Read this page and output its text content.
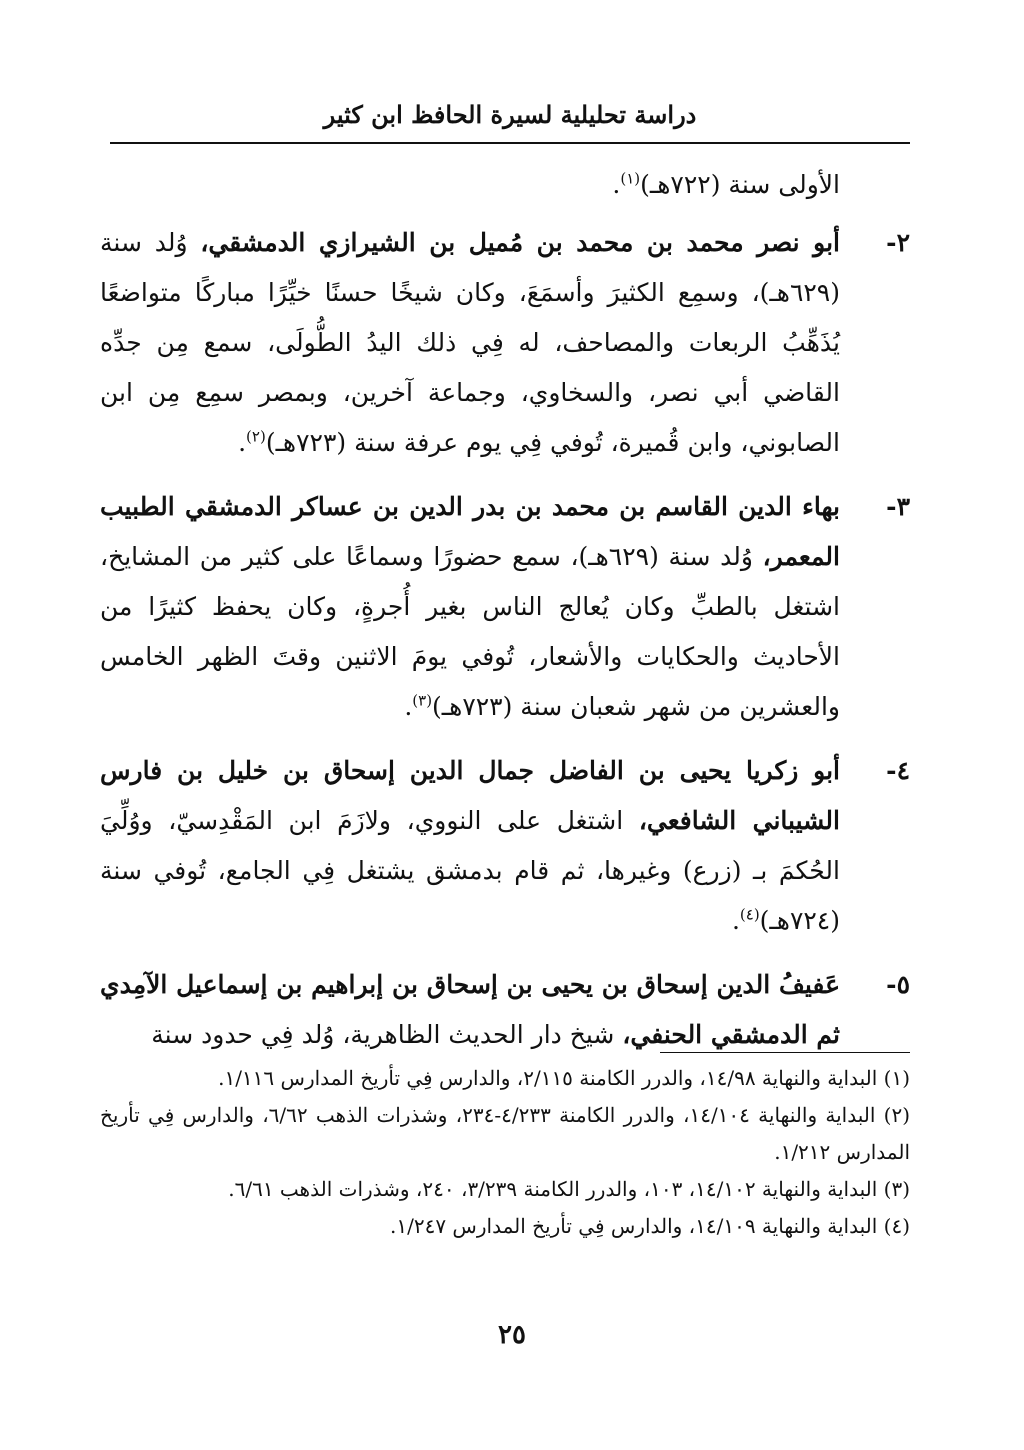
دراسة تحليلية لسيرة الحافظ ابن كثير

الأولى سنة (٧٢٢هـ)$^{(١)}$.

٢-
أبو نصر محمد بن محمد بن مُميل بن الشيرازي الدمشقي، وُلد سنة (٦٢٩هـ)، وسمِع الكثيرَ وأسمَعَ، وكان شيخًا حسنًا خيِّرًا مباركًا متواضعًا يُذَهِّبُ الربعات والمصاحف، له فِي ذلك اليدُ الطُّولَى، سمع مِن جدِّه القاضي أبي نصر، والسخاوي، وجماعة آخرين، وبمصر سمِع مِن ابن الصابوني، وابن قُميرة، تُوفي فِي يوم عرفة سنة (٧٢٣هـ)$^{(٢)}$.

٣-
بهاء الدين القاسم بن محمد بن بدر الدين بن عساكر الدمشقي الطبيب المعمر، وُلد سنة (٦٢٩هـ)، سمع حضورًا وسماعًا على كثير من المشايخ، اشتغل بالطبِّ وكان يُعالج الناس بغير أُجرةٍ، وكان يحفظ كثيرًا من الأحاديث والحكايات والأشعار، تُوفي يومَ الاثنين وقتَ الظهر الخامس والعشرين من شهر شعبان سنة (٧٢٣هـ)$^{(٣)}$.

٤-
أبو زكريا يحيى بن الفاضل جمال الدين إسحاق بن خليل بن فارس الشيباني الشافعي، اشتغل على النووي، ولازَمَ ابن المَقْدِسيّ، ووُلِّيَ الحُكمَ بـ (زرع) وغيرها، ثم قام بدمشق يشتغل فِي الجامع، تُوفي سنة (٧٢٤هـ)$^{(٤)}$.

٥-
عَفيفُ الدين إسحاق بن يحيى بن إسحاق بن إبراهيم بن إسماعيل الآمِدي ثم الدمشقي الحنفي، شيخ دار الحديث الظاهرية، وُلد فِي حدود سنة

(١) البداية والنهاية ١٤/٩٨، والدرر الكامنة ٢/١١٥، والدارس فِي تأريخ المدارس ١/١١٦.

(٢) البداية والنهاية ١٤/١٠٤، والدرر الكامنة ٤/٢٣٣-٢٣٤، وشذرات الذهب ٦/٦٢، والدارس فِي تأريخ المدارس ١/٢١٢.

(٣) البداية والنهاية ١٤/١٠٢، ١٠٣، والدرر الكامنة ٣/٢٣٩، ٢٤٠، وشذرات الذهب ٦/٦١.

(٤) البداية والنهاية ١٤/١٠٩، والدارس فِي تأريخ المدارس ١/٢٤٧.

٢٥
